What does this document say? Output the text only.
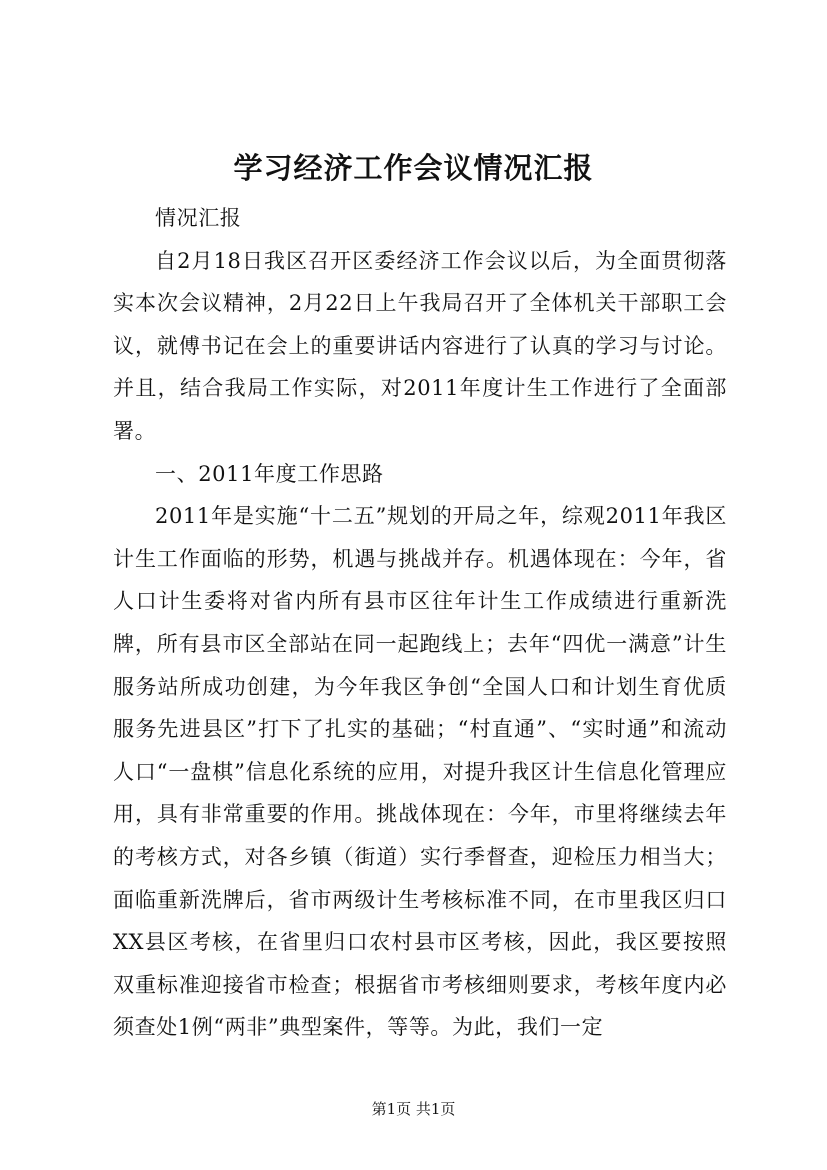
学习经济工作会议情况汇报

情况汇报

自2月18日我区召开区委经济工作会议以后，为全面贯彻落实本次会议精神，2月22日上午我局召开了全体机关干部职工会议，就傅书记在会上的重要讲话内容进行了认真的学习与讨论。并且，结合我局工作实际，对2011年度计生工作进行了全面部署。

一、2011年度工作思路

2011年是实施“十二五”规划的开局之年，综观2011年我区计生工作面临的形势，机遇与挑战并存。机遇体现在：今年，省人口计生委将对省内所有县市区往年计生工作成绩进行重新洗牌，所有县市区全部站在同一起跑线上；去年“四优一满意”计生服务站所成功创建，为今年我区争创“全国人口和计划生育优质服务先进县区”打下了扎实的基础；“村直通”、“实时通”和流动人口“一盘棋”信息化系统的应用，对提升我区计生信息化管理应用，具有非常重要的作用。挑战体现在：今年，市里将继续去年的考核方式，对各乡镇（街道）实行季督查，迎检压力相当大；面临重新洗牌后，省市两级计生考核标准不同，在市里我区归口XX县区考核，在省里归口农村县市区考核，因此，我区要按照双重标准迎接省市检查；根据省市考核细则要求，考核年度内必须查处1例“两非”典型案件，等等。为此，我们一定

第1页 共1页
